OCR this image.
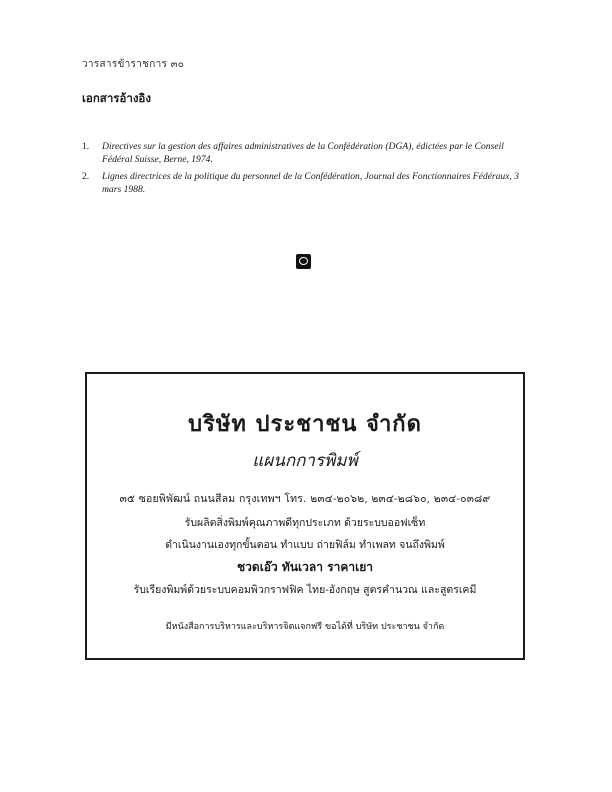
วารสารข้าราชการ ๓๐
เอกสารอ้างอิง
1.	Directives sur la gestion des affaires administratives de la Confédération (DGA), édictées par le Conseil Fédéral Suisse, Berne, 1974.
2.	Lignes directrices de la politique du personnel de la Confédération, Journal des Fonctionnaires Fédéraux, 3 mars 1988.
บริษัท ประชาชน จำกัด
แผนกการพิมพ์
๓๕ ซอยพิพัฒน์ ถนนสีลม กรุงเทพฯ โทร. ๒๓๔-๒๐๖๒, ๒๓๔-๒๘๖๐, ๒๓๔-๐๓๘๙
รับผลิตสิ่งพิมพ์คุณภาพดีทุกประเภท ด้วยระบบออฟเซ็ท
ดำเนินงานเองทุกขั้นตอน ทำแบบ ถ่ายฟิล์ม ทำเพลท จนถึงพิมพ์
ชวดเอ๊ว ทันเวลา ราคาเยา
รับเรียงพิมพ์ด้วยระบบคอมพิวกราฟฟิค ไทย-อังกฤษ สูตรคำนวณ และสูตรเคมี
มีหนังสือการบริหารและบริหารจิตแจกฟรี ขอได้ที่ บริษัท ประชาชน จำกัด
